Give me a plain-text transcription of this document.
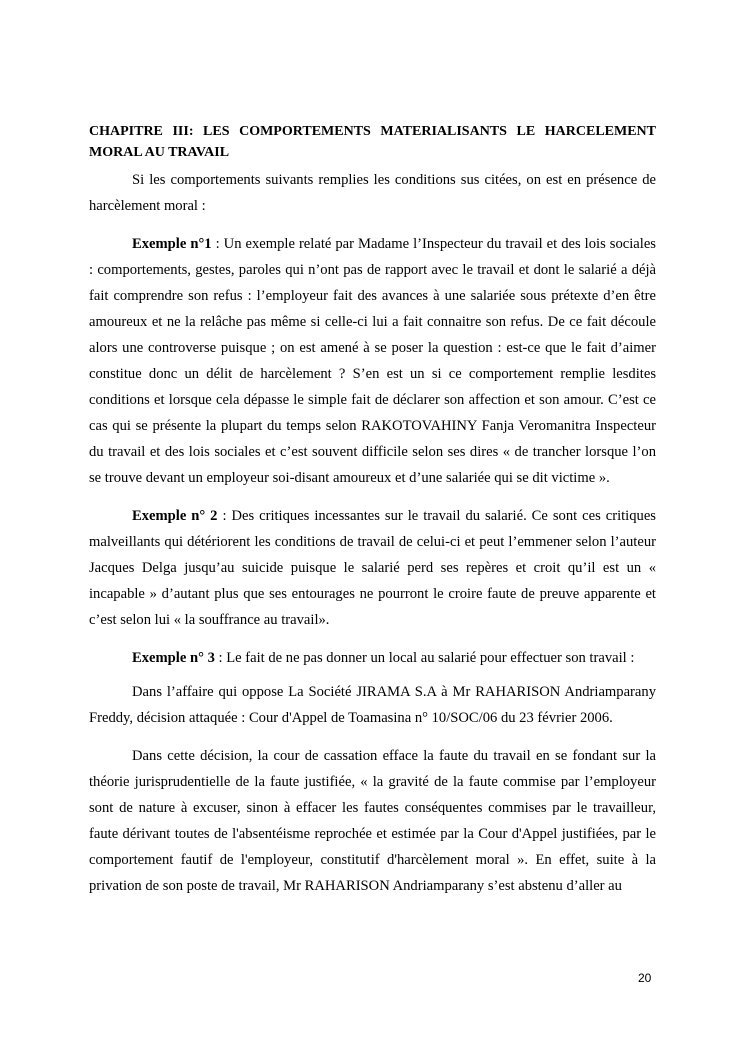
CHAPITRE III: LES COMPORTEMENTS MATERIALISANTS LE HARCELEMENT MORAL AU TRAVAIL

Si les comportements suivants remplies les conditions sus citées, on est en présence de harcèlement moral :

Exemple n°1 : Un exemple relaté par Madame l’Inspecteur du travail et des lois sociales : comportements, gestes, paroles qui n’ont pas de rapport avec le travail et dont le salarié a déjà fait comprendre son refus : l’employeur fait des avances à une salariée sous prétexte d’en être amoureux et ne la relâche pas même si celle-ci lui a fait connaitre son refus. De ce fait découle alors une controverse puisque ; on est amené à se poser la question : est-ce que le fait d’aimer constitue donc un délit de harcèlement ? S’en est un si ce comportement remplie lesdites conditions et lorsque cela dépasse le simple fait de déclarer son affection et son amour. C’est ce cas qui se présente la plupart du temps selon RAKOTOVAHINY Fanja Veromanitra Inspecteur du travail et des lois sociales et c’est souvent difficile selon ses dires « de trancher lorsque l’on se trouve devant un employeur soi-disant amoureux et d’une salariée qui se dit victime ».

Exemple n° 2 : Des critiques incessantes sur le travail du salarié. Ce sont ces critiques malveillants qui détériorent les conditions de travail de celui-ci et peut l’emmener selon l’auteur Jacques Delga jusqu’au suicide puisque le salarié perd ses repères et croit qu’il est un « incapable » d’autant plus que ses entourages ne pourront le croire faute de preuve apparente et c’est selon lui « la souffrance au travail».

Exemple n° 3 : Le fait de ne pas donner un local au salarié pour effectuer son travail :

Dans l’affaire qui oppose La Société JIRAMA S.A à Mr RAHARISON Andriamparany Freddy, décision attaquée : Cour d'Appel de Toamasina n° 10/SOC/06 du 23 février 2006.

Dans cette décision, la cour de cassation efface la faute du travail en se fondant sur la théorie jurisprudentielle de la faute justifiée, « la gravité de la faute commise par l’employeur sont de nature à excuser, sinon à effacer les fautes conséquentes commises par le travailleur, faute dérivant toutes de l'absentéisme reprochée et estimée par la Cour d'Appel justifiées, par le comportement fautif de l'employeur, constitutif d'harcèlement moral ». En effet, suite à la privation de son poste de travail, Mr RAHARISON Andriamparany s’est abstenu d’aller au

20
